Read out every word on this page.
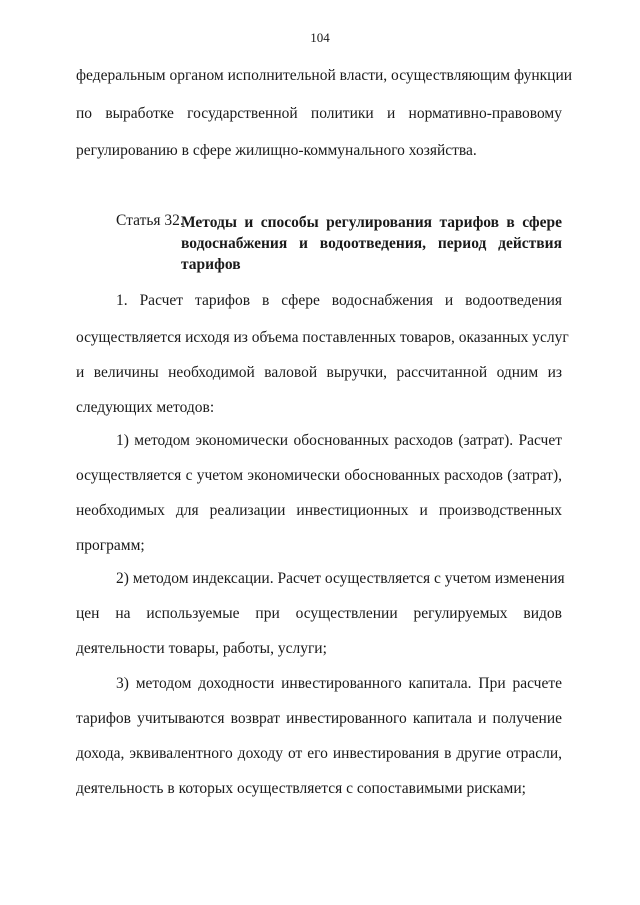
104
федеральным органом исполнительной власти, осуществляющим функции
по выработке государственной политики и нормативно-правовому
регулированию в сфере жилищно-коммунального хозяйства.
Статья 32.
Методы и способы регулирования тарифов в сфере
водоснабжения и водоотведения, период действия
тарифов
1. Расчет тарифов в сфере водоснабжения и водоотведения
осуществляется исходя из объема поставленных товаров, оказанных услуг
и величины необходимой валовой выручки, рассчитанной одним из
следующих методов:
1) методом экономически обоснованных расходов (затрат). Расчет
осуществляется с учетом экономически обоснованных расходов (затрат),
необходимых для реализации инвестиционных и производственных
программ;
2) методом индексации. Расчет осуществляется с учетом изменения
цен на используемые при осуществлении регулируемых видов
деятельности товары, работы, услуги;
3) методом доходности инвестированного капитала. При расчете
тарифов учитываются возврат инвестированного капитала и получение
дохода, эквивалентного доходу от его инвестирования в другие отрасли,
деятельность в которых осуществляется с сопоставимыми рисками;
